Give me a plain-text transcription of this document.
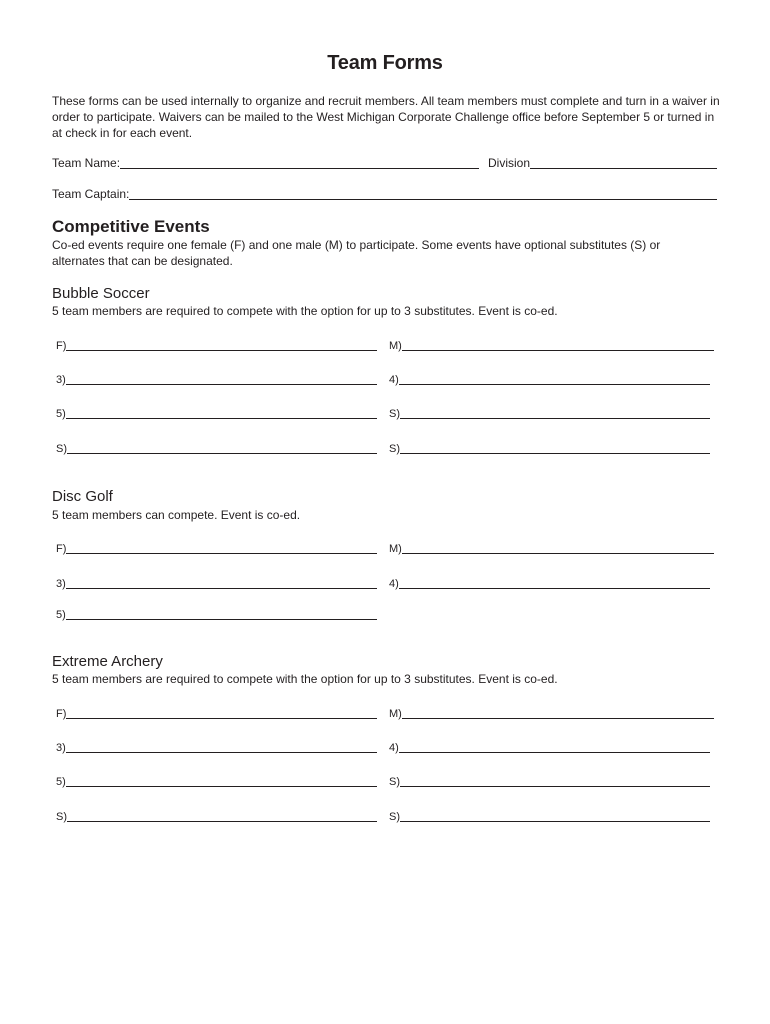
Team Forms
These forms can be used internally to organize and recruit members. All team members must complete and turn in a waiver in order to participate. Waivers can be mailed to the West Michigan Corporate Challenge office before September 5 or turned in at check in for each event.
Team Name:	Division
Team Captain:
Competitive Events
Co-ed events require one female (F) and one male (M) to participate. Some events have optional substitutes (S) or alternates that can be designated.
Bubble Soccer
5 team members are required to compete with the option for up to 3 substitutes. Event is co-ed.
F)	M)
3)	4)
5)	S)
S)	S)
Disc Golf
5 team members can compete. Event is co-ed.
F)	M)
3)	4)
5)
Extreme Archery
5 team members are required to compete with the option for up to 3 substitutes. Event is co-ed.
F)	M)
3)	4)
5)	S)
S)	S)
